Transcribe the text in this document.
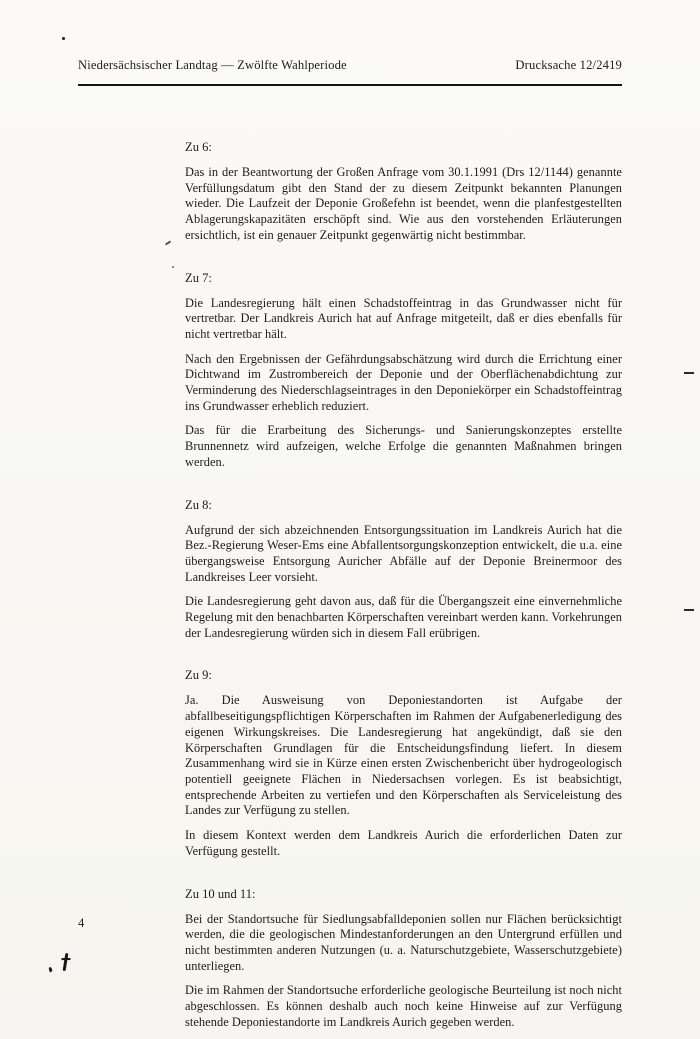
Niedersächsischer Landtag — Zwölfte Wahlperiode	Drucksache 12/2419
Zu 6:

Das in der Beantwortung der Großen Anfrage vom 30.1.1991 (Drs 12/1144) genannte Verfüllungsdatum gibt den Stand der zu diesem Zeitpunkt bekannten Planungen wieder. Die Laufzeit der Deponie Großefehn ist beendet, wenn die planfestgestellten Ablagerungskapazitäten erschöpft sind. Wie aus den vorstehenden Erläuterungen ersichtlich, ist ein genauer Zeitpunkt gegenwärtig nicht bestimmbar.

Zu 7:

Die Landesregierung hält einen Schadstoffeintrag in das Grundwasser nicht für vertretbar. Der Landkreis Aurich hat auf Anfrage mitgeteilt, daß er dies ebenfalls für nicht vertretbar hält.

Nach den Ergebnissen der Gefährdungsabschätzung wird durch die Errichtung einer Dichtwand im Zustrombereich der Deponie und der Oberflächenabdichtung zur Verminderung des Niederschlagseintrages in den Deponiekörper ein Schadstoffeintrag ins Grundwasser erheblich reduziert.

Das für die Erarbeitung des Sicherungs- und Sanierungskonzeptes erstellte Brunnennetz wird aufzeigen, welche Erfolge die genannten Maßnahmen bringen werden.

Zu 8:

Aufgrund der sich abzeichnenden Entsorgungssituation im Landkreis Aurich hat die Bez.-Regierung Weser-Ems eine Abfallentsorgungskonzeption entwickelt, die u.a. eine übergangsweise Entsorgung Auricher Abfälle auf der Deponie Breinermoor des Landkreises Leer vorsieht.

Die Landesregierung geht davon aus, daß für die Übergangszeit eine einvernehmliche Regelung mit den benachbarten Körperschaften vereinbart werden kann. Vorkehrungen der Landesregierung würden sich in diesem Fall erübrigen.

Zu 9:

Ja. Die Ausweisung von Deponiestandorten ist Aufgabe der abfallbeseitigungspflichtigen Körperschaften im Rahmen der Aufgabenerledigung des eigenen Wirkungskreises. Die Landesregierung hat angekündigt, daß sie den Körperschaften Grundlagen für die Entscheidungsfindung liefert. In diesem Zusammenhang wird sie in Kürze einen ersten Zwischenbericht über hydrogeologisch potentiell geeignete Flächen in Niedersachsen vorlegen. Es ist beabsichtigt, entsprechende Arbeiten zu vertiefen und den Körperschaften als Serviceleistung des Landes zur Verfügung zu stellen.

In diesem Kontext werden dem Landkreis Aurich die erforderlichen Daten zur Verfügung gestellt.

Zu 10 und 11:

Bei der Standortsuche für Siedlungsabfalldeponien sollen nur Flächen berücksichtigt werden, die die geologischen Mindestanforderungen an den Untergrund erfüllen und nicht bestimmten anderen Nutzungen (u. a. Naturschutzgebiete, Wasserschutzgebiete) unterliegen.

Die im Rahmen der Standortsuche erforderliche geologische Beurteilung ist noch nicht abgeschlossen. Es können deshalb auch noch keine Hinweise auf zur Verfügung stehende Deponiestandorte im Landkreis Aurich gegeben werden.

4
